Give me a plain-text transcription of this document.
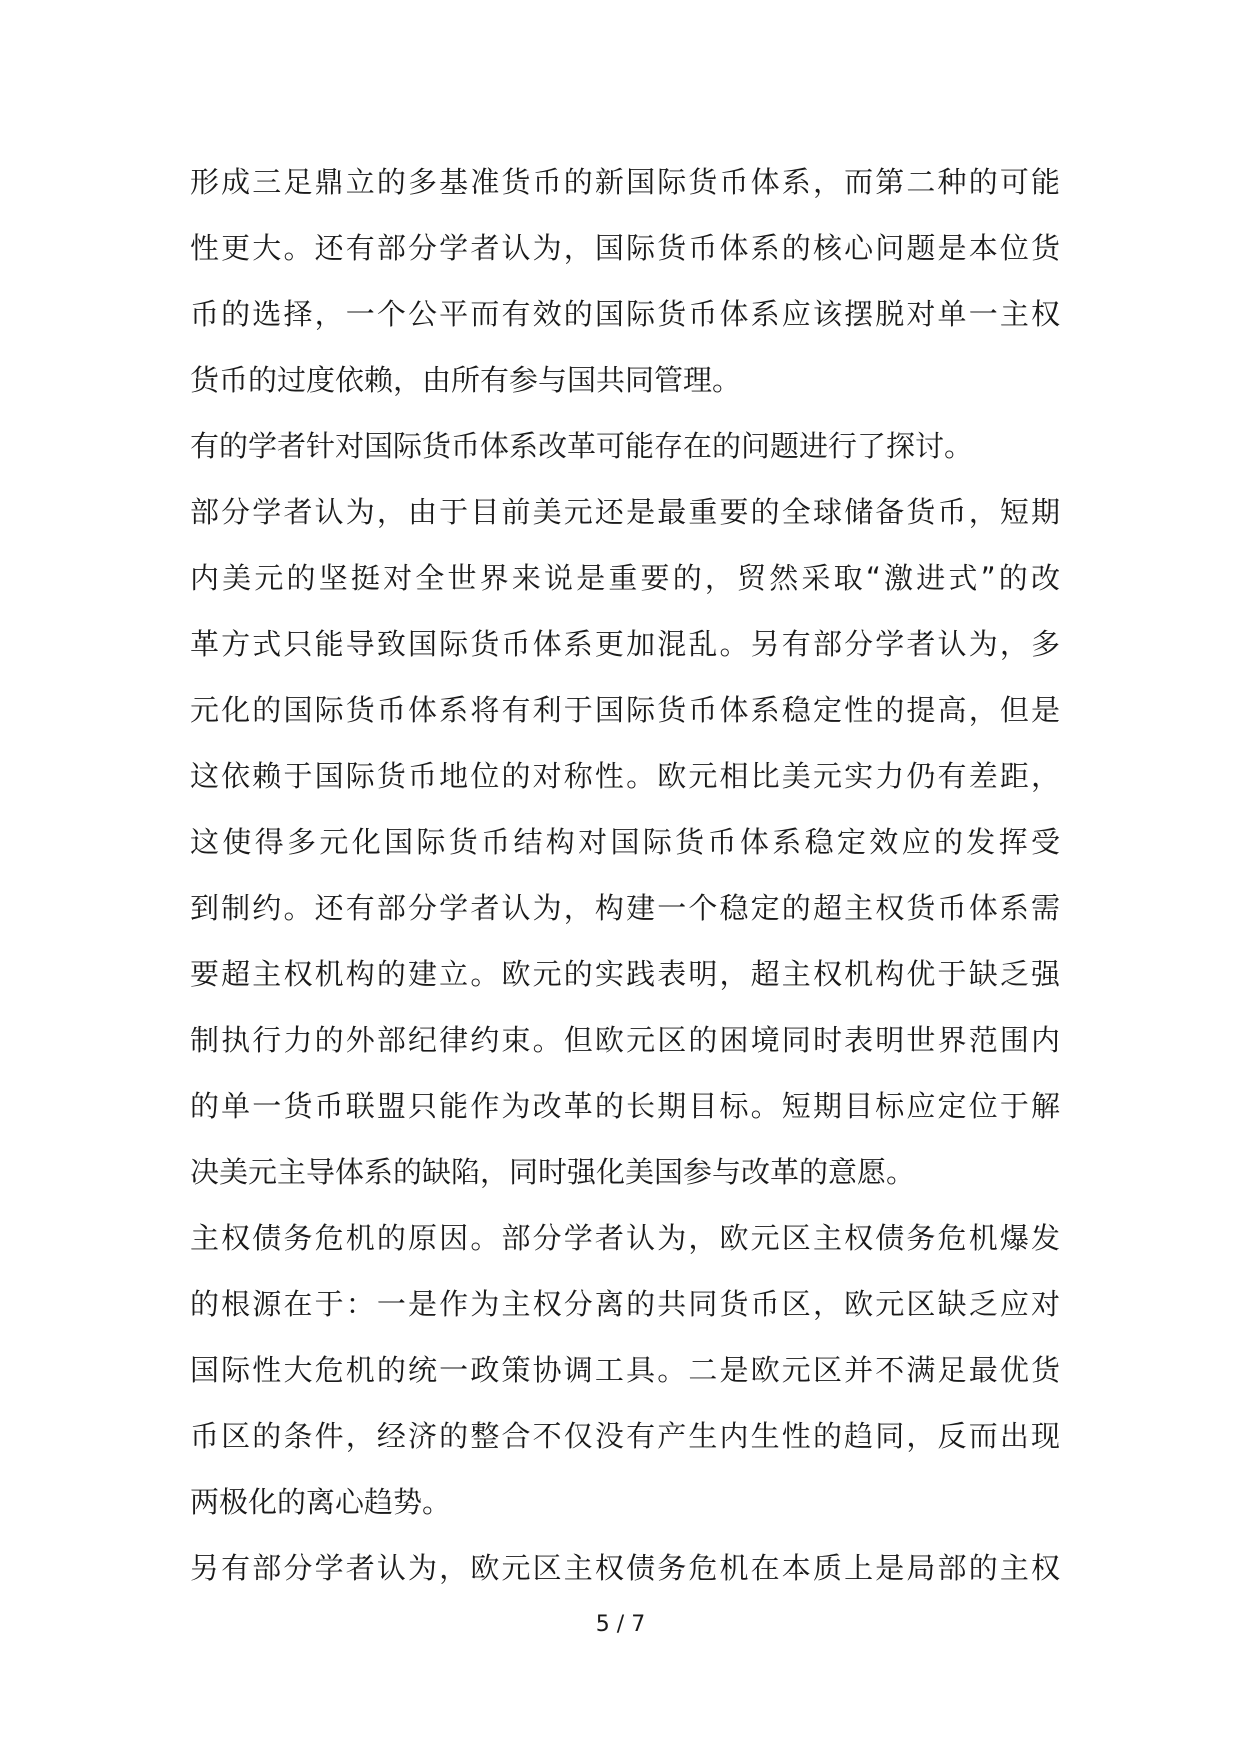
形成三足鼎立的多基准货币的新国际货币体系，而第二种的可能
性更大。还有部分学者认为，国际货币体系的核心问题是本位货
币的选择，一个公平而有效的国际货币体系应该摆脱对单一主权
货币的过度依赖，由所有参与国共同管理。
有的学者针对国际货币体系改革可能存在的问题进行了探讨。
部分学者认为，由于目前美元还是最重要的全球储备货币，短期
内美元的坚挺对全世界来说是重要的，贸然采取“激进式”的改
革方式只能导致国际货币体系更加混乱。另有部分学者认为，多
元化的国际货币体系将有利于国际货币体系稳定性的提高，但是
这依赖于国际货币地位的对称性。欧元相比美元实力仍有差距，
这使得多元化国际货币结构对国际货币体系稳定效应的发挥受
到制约。还有部分学者认为，构建一个稳定的超主权货币体系需
要超主权机构的建立。欧元的实践表明，超主权机构优于缺乏强
制执行力的外部纪律约束。但欧元区的困境同时表明世界范围内
的单一货币联盟只能作为改革的长期目标。短期目标应定位于解
决美元主导体系的缺陷，同时强化美国参与改革的意愿。
主权债务危机的原因。部分学者认为，欧元区主权债务危机爆发
的根源在于：一是作为主权分离的共同货币区，欧元区缺乏应对
国际性大危机的统一政策协调工具。二是欧元区并不满足最优货
币区的条件，经济的整合不仅没有产生内生性的趋同，反而出现
两极化的离心趋势。
另有部分学者认为，欧元区主权债务危机在本质上是局部的主权
5 / 7
